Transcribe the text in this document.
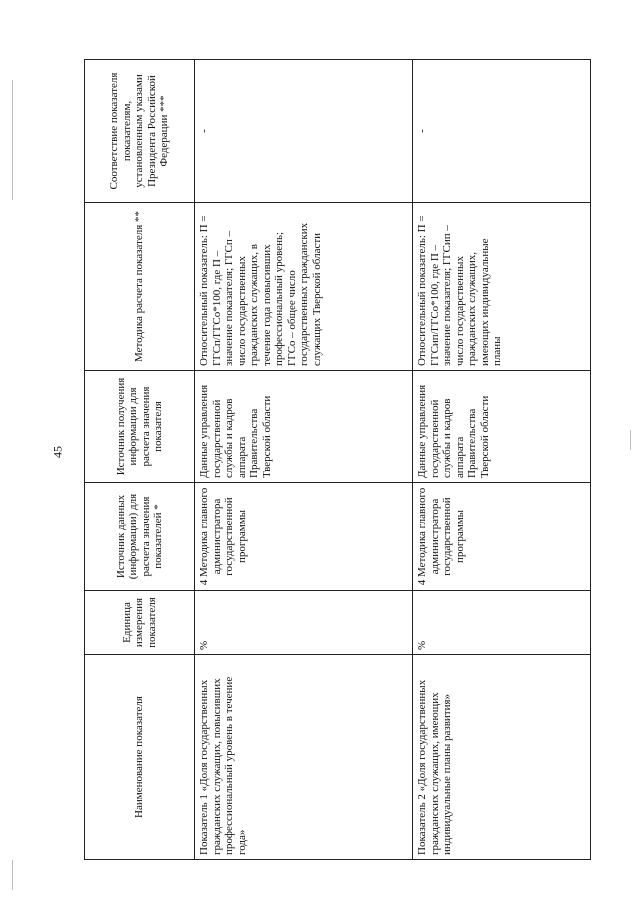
45
Наименование показателя	Единица измерения показателя	Источник данных (информации) для расчета значения показателей *	Источник получения информации для расчета значения показателя	Методика расчета показателя **	Соответствие показателя показателям, установленным указами Президента Российской Федерации ***
Показатель 1 «Доля государственных гражданских служащих, повысивших профессиональный уровень в течение года»	%	4 Методика главного администратора государственной программы	Данные управления государственной службы и кадров аппарата Правительства Тверской области	Относительный показатель: П = ГГСп/ГГСо*100, где П – значение показателя; ГГСп – число государственных гражданских служащих, в течение года повысивших профессиональный уровень; ГГСо – общее число государственных гражданских служащих Тверской области	-
Показатель 2 «Доля государственных гражданских служащих, имеющих индивидуальные планы развития»	%	4 Методика главного администратора государственной программы	Данные управления государственной службы и кадров аппарата Правительства Тверской области	Относительный показатель: П = ГГСип/ГГСо*100, где П – значение показателя; ГГСип – число государственных гражданских служащих, имеющих индивидуальные планы	-
